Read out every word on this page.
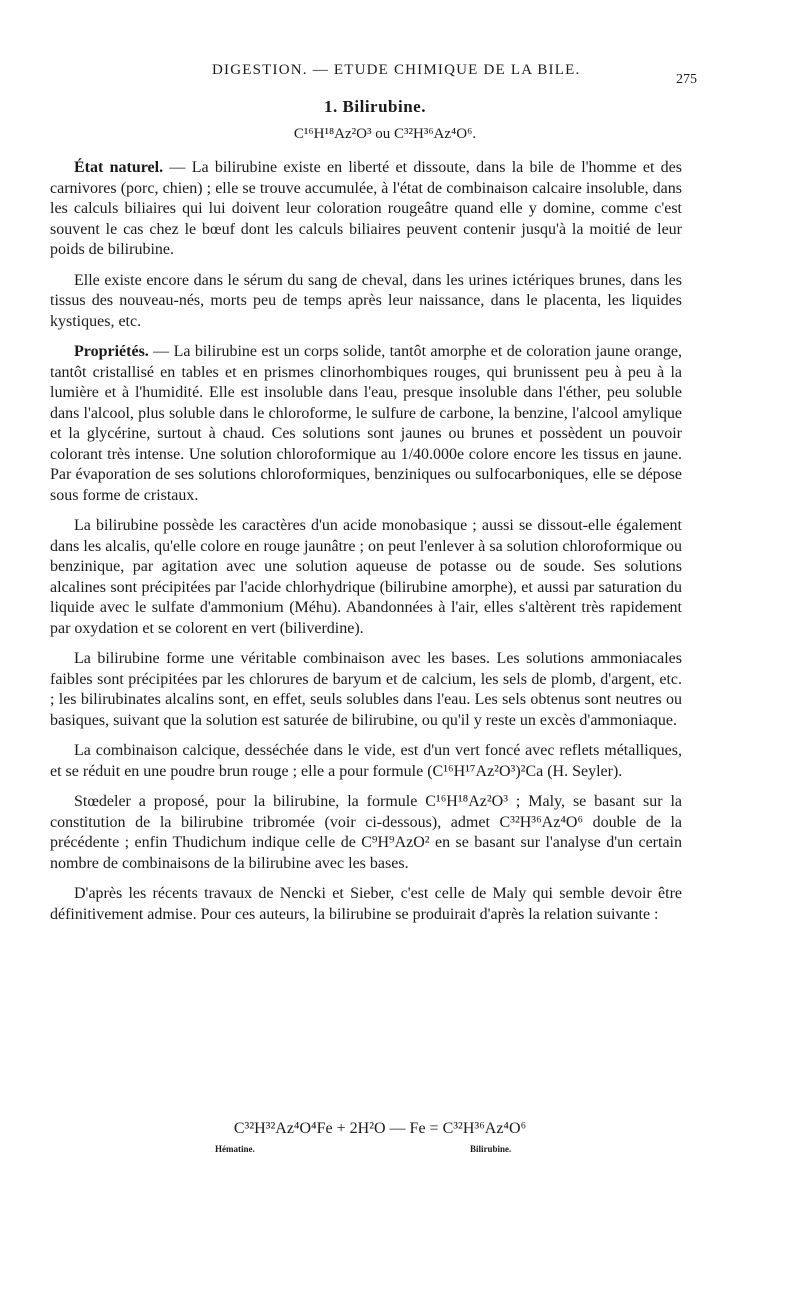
DIGESTION. — ETUDE CHIMIQUE DE LA BILE.
275
1. Bilirubine.
C¹⁶H¹⁸Az²O³ ou C³²H³⁶Az⁴O⁶.

État naturel. — La bilirubine existe en liberté et dissoute, dans la bile de l'homme et des carnivores (porc, chien) ; elle se trouve accumulée, à l'état de combinaison calcaire insoluble, dans les calculs biliaires qui lui doivent leur coloration rougeâtre quand elle y domine, comme c'est souvent le cas chez le bœuf dont les calculs biliaires peuvent contenir jusqu'à la moitié de leur poids de bilirubine.

Elle existe encore dans le sérum du sang de cheval, dans les urines ictériques brunes, dans les tissus des nouveau-nés, morts peu de temps après leur naissance, dans le placenta, les liquides kystiques, etc.

Propriétés. — La bilirubine est un corps solide, tantôt amorphe et de coloration jaune orange, tantôt cristallisé en tables et en prismes clinorhombiques rouges, qui brunissent peu à peu à la lumière et à l'humidité. Elle est insoluble dans l'eau, presque insoluble dans l'éther, peu soluble dans l'alcool, plus soluble dans le chloroforme, le sulfure de carbone, la benzine, l'alcool amylique et la glycérine, surtout à chaud. Ces solutions sont jaunes ou brunes et possèdent un pouvoir colorant très intense. Une solution chloroformique au 1/40.000e colore encore les tissus en jaune. Par évaporation de ses solutions chloroformiques, benziniques ou sulfocarboniques, elle se dépose sous forme de cristaux.

La bilirubine possède les caractères d'un acide monobasique ; aussi se dissout-elle également dans les alcalis, qu'elle colore en rouge jaunâtre ; on peut l'enlever à sa solution chloroformique ou benzinique, par agitation avec une solution aqueuse de potasse ou de soude. Ses solutions alcalines sont précipitées par l'acide chlorhydrique (bilirubine amorphe), et aussi par saturation du liquide avec le sulfate d'ammonium (Méhu). Abandonnées à l'air, elles s'altèrent très rapidement par oxydation et se colorent en vert (biliverdine).

La bilirubine forme une véritable combinaison avec les bases. Les solutions ammoniacales faibles sont précipitées par les chlorures de baryum et de calcium, les sels de plomb, d'argent, etc. ; les bilirubinates alcalins sont, en effet, seuls solubles dans l'eau. Les sels obtenus sont neutres ou basiques, suivant que la solution est saturée de bilirubine, ou qu'il y reste un excès d'ammoniaque.

La combinaison calcique, desséchée dans le vide, est d'un vert foncé avec reflets métalliques, et se réduit en une poudre brun rouge ; elle a pour formule (C¹⁶H¹⁷Az²O³)²Ca (H. Seyler).

Stœdeler a proposé, pour la bilirubine, la formule C¹⁶H¹⁸Az²O³ ; Maly, se basant sur la constitution de la bilirubine tribromée (voir ci-dessous), admet C³²H³⁶Az⁴O⁶ double de la précédente ; enfin Thudichum indique celle de C⁹H⁹AzO² en se basant sur l'analyse d'un certain nombre de combinaisons de la bilirubine avec les bases.

D'après les récents travaux de Nencki et Sieber, c'est celle de Maly qui semble devoir être définitivement admise. Pour ces auteurs, la bilirubine se produirait d'après la relation suivante :

C³²H³²Az⁴O⁴Fe + 2H²O — Fe = C³²H³⁶Az⁴O⁶
Hématine.	Bilirubine.
